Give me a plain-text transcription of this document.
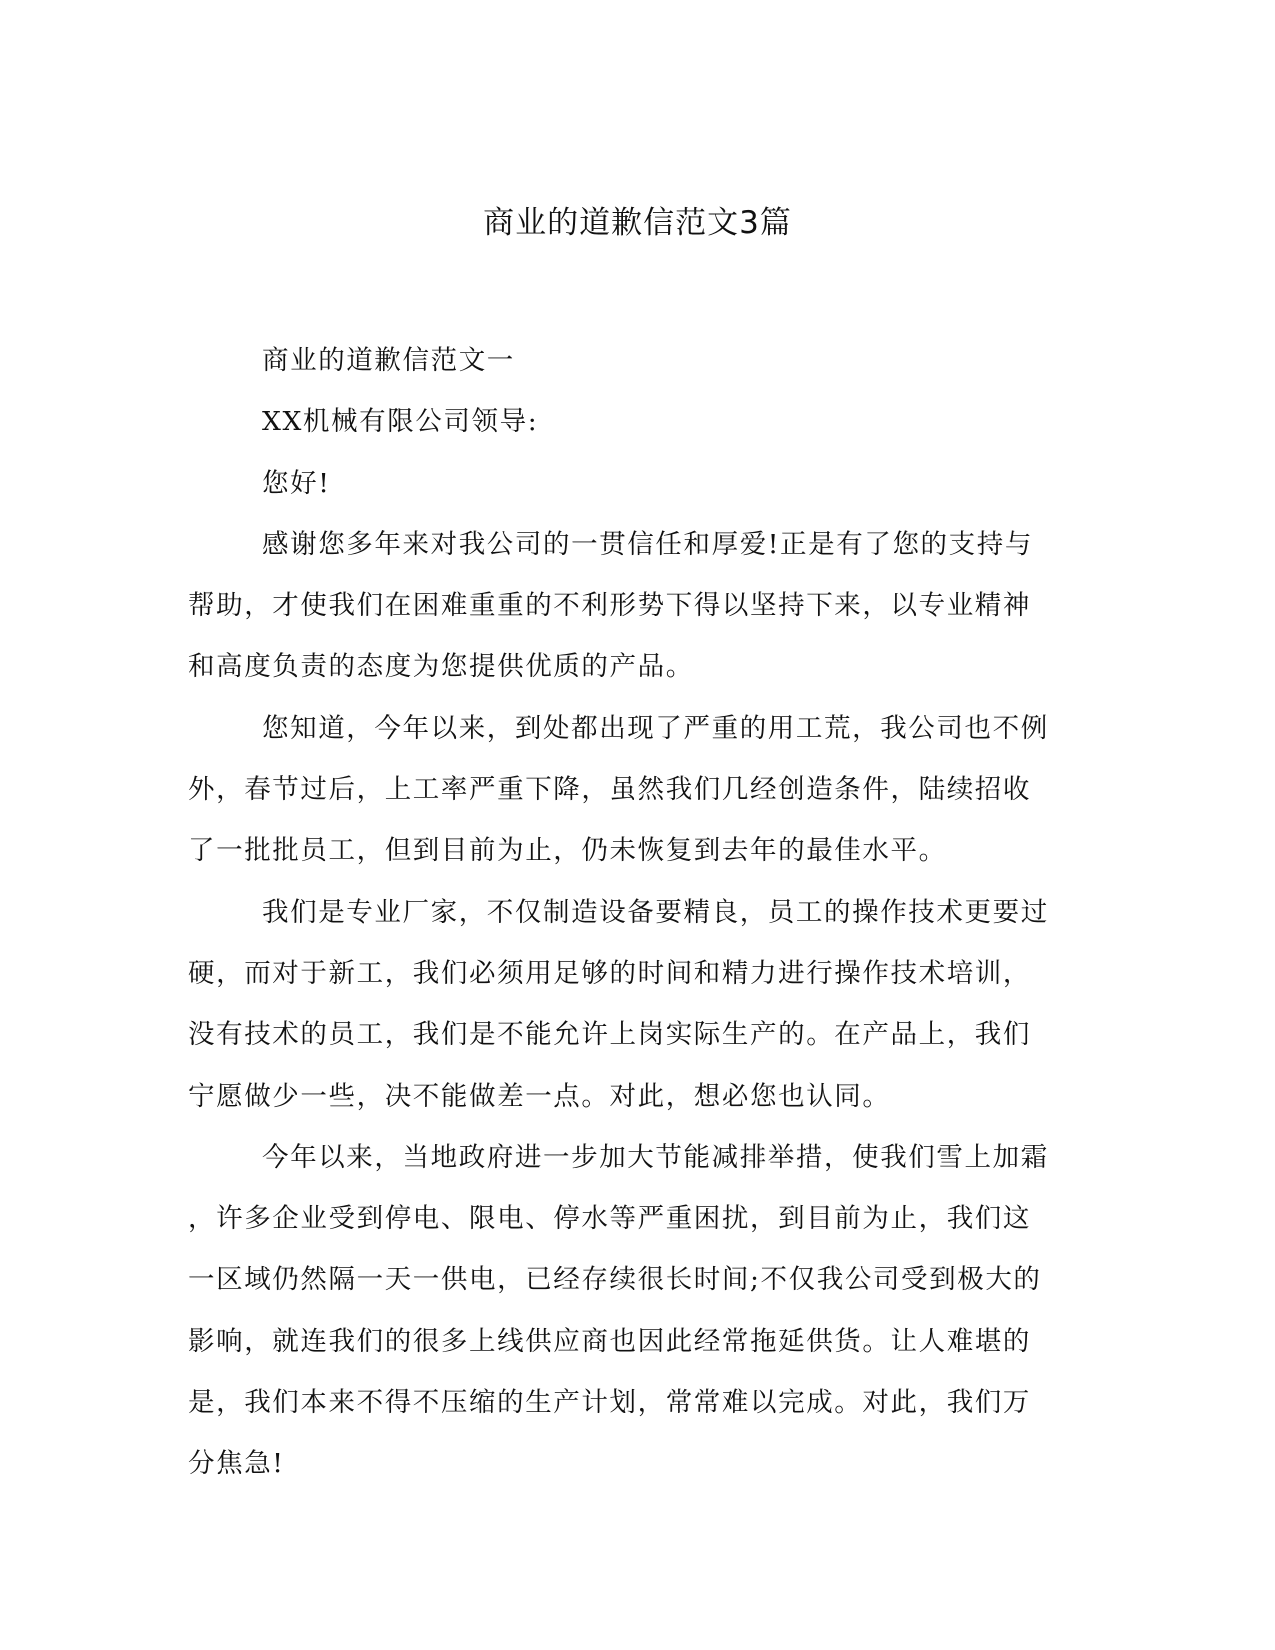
商业的道歉信范文3篇

商业的道歉信范文一

XX机械有限公司领导:

您好!

感谢您多年来对我公司的一贯信任和厚爱!正是有了您的支持与

帮助，才使我们在困难重重的不利形势下得以坚持下来，以专业精神

和高度负责的态度为您提供优质的产品。

您知道，今年以来，到处都出现了严重的用工荒，我公司也不例

外，春节过后，上工率严重下降，虽然我们几经创造条件，陆续招收

了一批批员工，但到目前为止，仍未恢复到去年的最佳水平。

我们是专业厂家，不仅制造设备要精良，员工的操作技术更要过

硬，而对于新工，我们必须用足够的时间和精力进行操作技术培训，

没有技术的员工，我们是不能允许上岗实际生产的。在产品上，我们

宁愿做少一些，决不能做差一点。对此，想必您也认同。

今年以来，当地政府进一步加大节能减排举措，使我们雪上加霜

，许多企业受到停电、限电、停水等严重困扰，到目前为止，我们这

一区域仍然隔一天一供电，已经存续很长时间;不仅我公司受到极大的

影响，就连我们的很多上线供应商也因此经常拖延供货。让人难堪的

是，我们本来不得不压缩的生产计划，常常难以完成。对此，我们万

分焦急!
